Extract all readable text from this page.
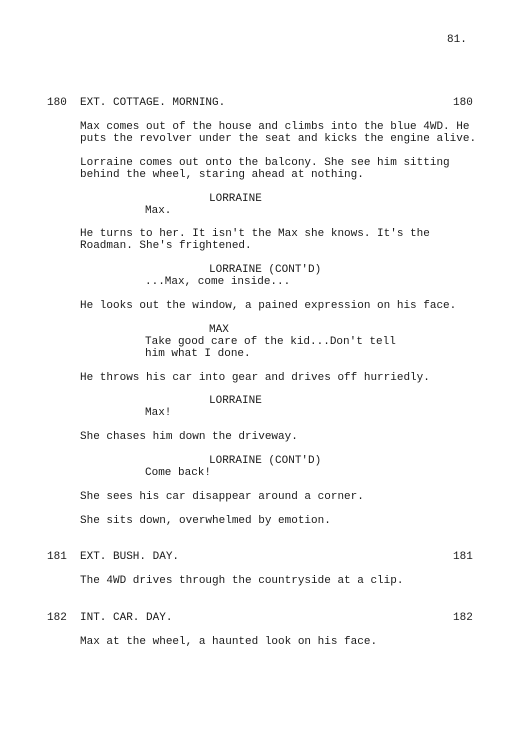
81.
180 EXT. COTTAGE. MORNING.	180
Max comes out of the house and climbs into the blue 4WD. He
puts the revolver under the seat and kicks the engine alive.
Lorraine comes out onto the balcony. She see him sitting
behind the wheel, staring ahead at nothing.
LORRAINE
Max.
He turns to her. It isn't the Max she knows. It's the
Roadman. She's frightened.
LORRAINE (CONT'D)
...Max, come inside...
He looks out the window, a pained expression on his face.
MAX
Take good care of the kid...Don't tell
him what I done.
He throws his car into gear and drives off hurriedly.
LORRAINE
Max!
She chases him down the driveway.
LORRAINE (CONT'D)
Come back!
She sees his car disappear around a corner.
She sits down, overwhelmed by emotion.
181 EXT. BUSH. DAY.	181
The 4WD drives through the countryside at a clip.
182 INT. CAR. DAY.	182
Max at the wheel, a haunted look on his face.
